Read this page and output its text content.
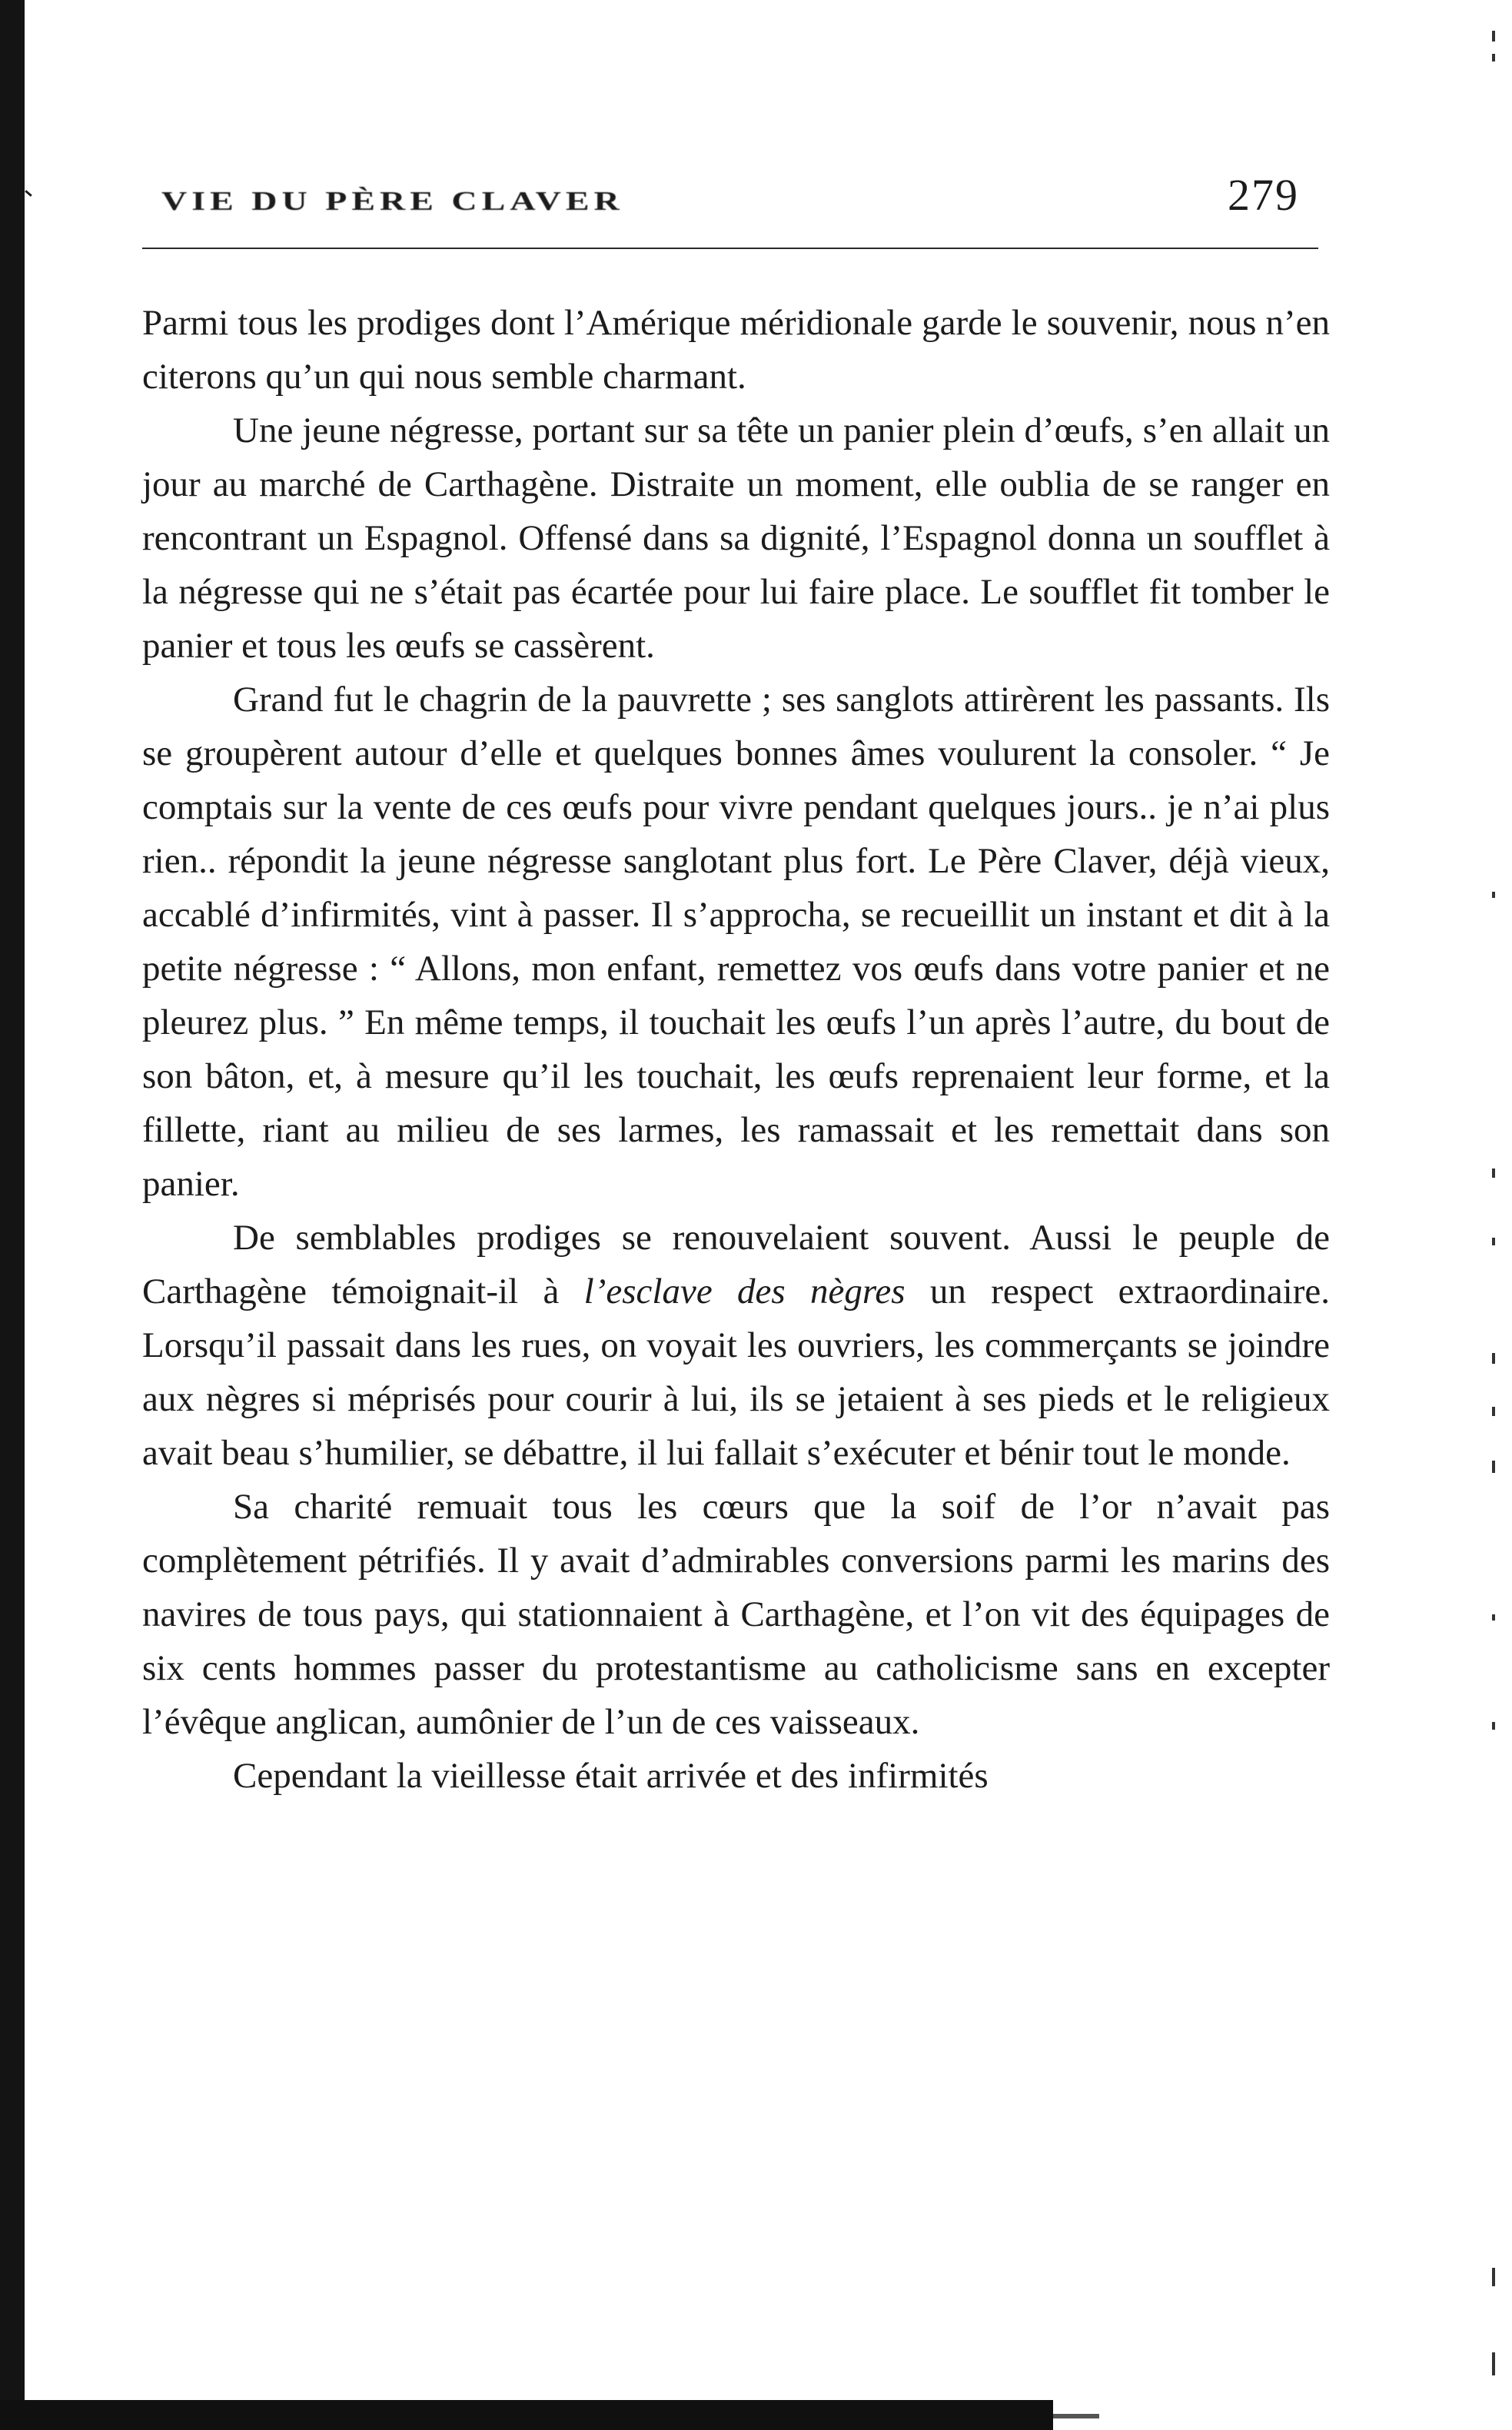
VIE DU PÈRE CLAVER	279

Parmi tous les prodiges dont l’Amérique méridionale garde le souvenir, nous n’en citerons qu’un qui nous semble charmant.

Une jeune négresse, portant sur sa tête un panier plein d’œufs, s’en allait un jour au marché de Carthagène. Distraite un moment, elle oublia de se ranger en rencontrant un Espagnol. Offensé dans sa dignité, l’Espagnol donna un soufflet à la négresse qui ne s’était pas écartée pour lui faire place. Le soufflet fit tomber le panier et tous les œufs se cassèrent.

Grand fut le chagrin de la pauvrette ; ses sanglots attirèrent les passants. Ils se groupèrent autour d’elle et quelques bonnes âmes voulurent la consoler. “ Je comptais sur la vente de ces œufs pour vivre pendant quelques jours.. je n’ai plus rien.. répondit la jeune négresse sanglotant plus fort. Le Père Claver, déjà vieux, accablé d’infirmités, vint à passer. Il s’approcha, se recueillit un instant et dit à la petite négresse : “ Allons, mon enfant, remettez vos œufs dans votre panier et ne pleurez plus. ” En même temps, il touchait les œufs l’un après l’autre, du bout de son bâton, et, à mesure qu’il les touchait, les œufs reprenaient leur forme, et la fillette, riant au milieu de ses larmes, les ramassait et les remettait dans son panier.

De semblables prodiges se renouvelaient souvent. Aussi le peuple de Carthagène témoignait-il à l’esclave des nègres un respect extraordinaire. Lorsqu’il passait dans les rues, on voyait les ouvriers, les commerçants se joindre aux nègres si méprisés pour courir à lui, ils se jetaient à ses pieds et le religieux avait beau s’humilier, se débattre, il lui fallait s’exécuter et bénir tout le monde.

Sa charité remuait tous les cœurs que la soif de l’or n’avait pas complètement pétrifiés. Il y avait d’admirables conversions parmi les marins des navires de tous pays, qui stationnaient à Carthagène, et l’on vit des équipages de six cents hommes passer du protestantisme au catholicisme sans en excepter l’évêque anglican, aumônier de l’un de ces vaisseaux.

Cependant la vieillesse était arrivée et des infirmités
